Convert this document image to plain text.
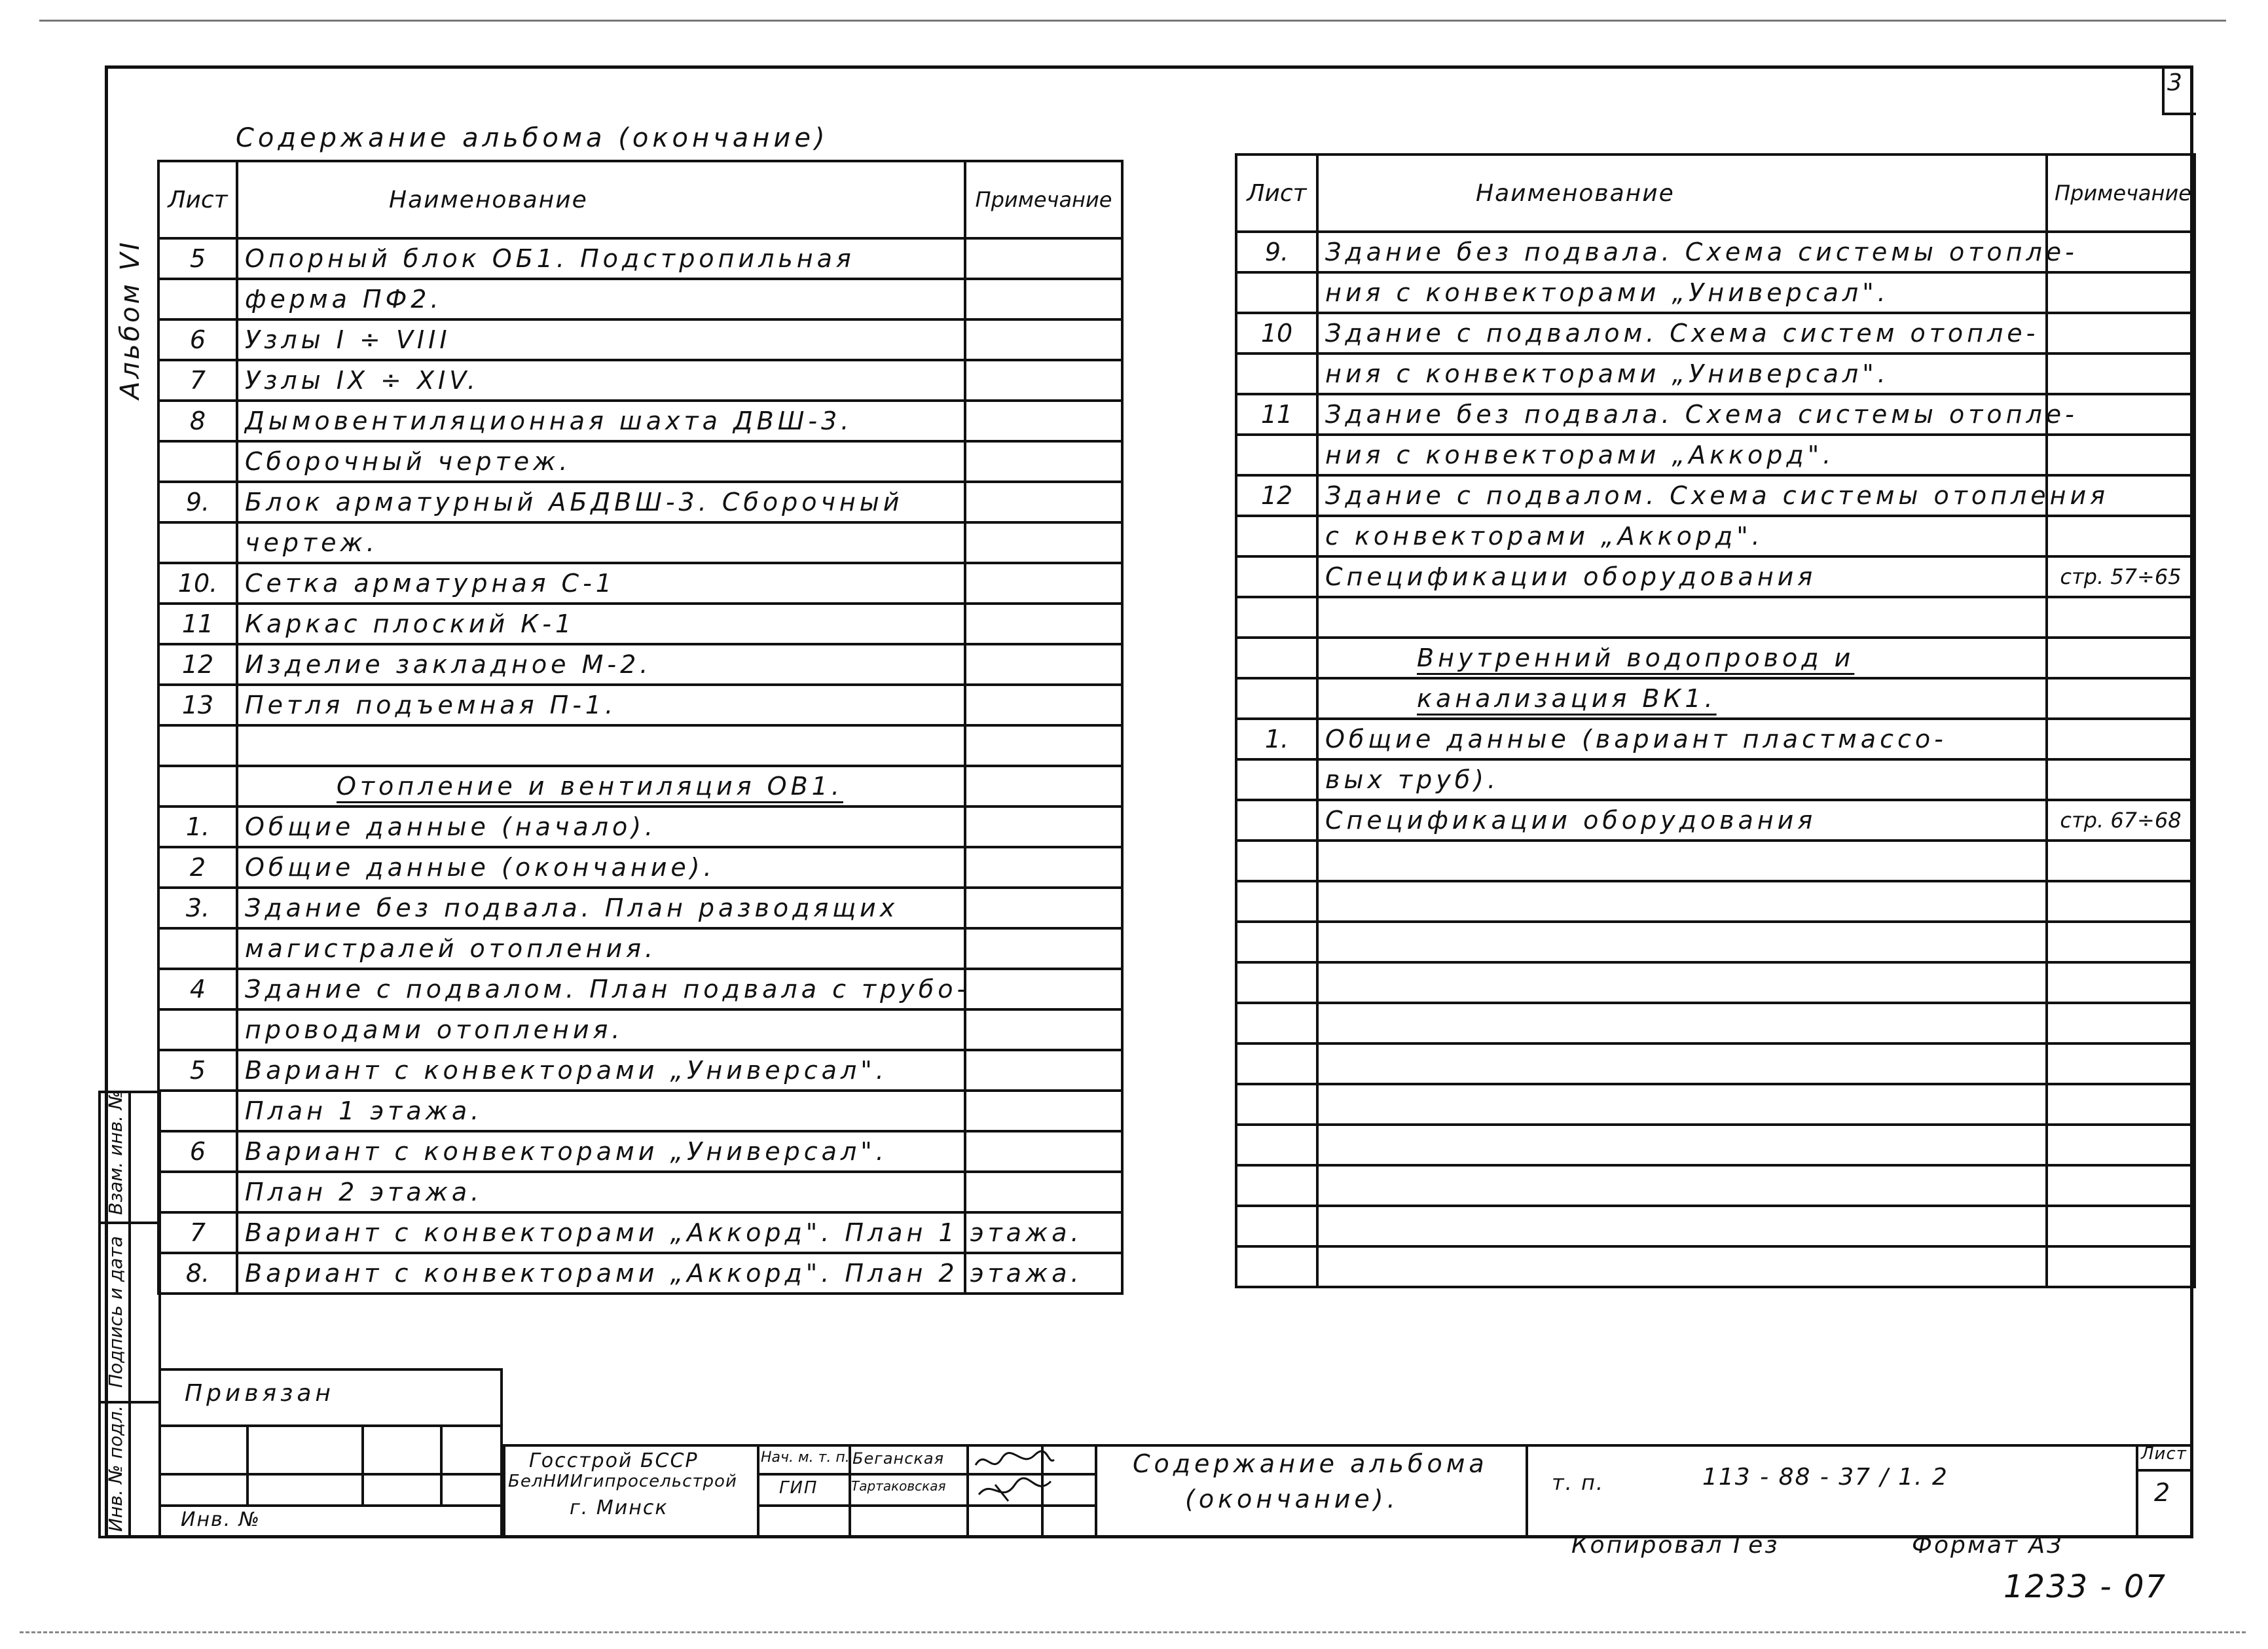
3
Альбом VI
Содержание альбома (окончание)
Лист	Наименование	Примечание
5	Опорный блок ОБ1. Подстропильная	
	ферма ПФ2.	
6	Узлы I ÷ VIII	
7	Узлы IX ÷ XIV.	
8	Дымовентиляционная шахта ДВШ-3.	
	Сборочный чертеж.	
9.	Блок арматурный АБДВШ-3. Сборочный	
	чертеж.	
10.	Сетка арматурная С-1	
11	Каркас плоский К-1	
12	Изделие закладное М-2.	
13	Петля подъемная П-1.	

	Отопление и вентиляция ОВ1.	
1.	Общие данные (начало).	
2	Общие данные (окончание).	
3.	Здание без подвала. План разводящих	
	магистралей отопления.	
4	Здание с подвалом. План подвала с трубо-	
	проводами отопления.	
5	Вариант с конвекторами „Универсал".	
	План 1 этажа.	
6	Вариант с конвекторами „Универсал".	
	План 2 этажа.	
7	Вариант с конвекторами „Аккорд". План 1 этажа.	
8.	Вариант с конвекторами „Аккорд". План 2 этажа.	
Лист	Наименование	Примечание
9.	Здание без подвала. Схема системы отопле-	
	ния с конвекторами „Универсал".	
10	Здание с подвалом. Схема систем отопле-	
	ния с конвекторами „Универсал".	
11	Здание без подвала. Схема системы отопле-	
	ния с конвекторами „Аккорд".	
12	Здание с подвалом. Схема системы отопления	
	с конвекторами „Аккорд".	
	Спецификации оборудования	стр. 57÷65

	Внутренний водопровод и	
	канализация ВК1.	
1.	Общие данные (вариант пластмассо-	
	вых труб).	
	Спецификации оборудования	стр. 67÷68

Взам. инв. №
Подпись и дата
Инв. № подл.
Привязан
Инв. №
Госстрой БССР
БелНИИгипросельстрой
г. Минск
Нач. м. т. п.
ГИП
Беганская
Тартаковская
Содержание альбома
(окончание).
т. п.	113 - 88 - 37 / 1. 2
Лист
2
Копировал Гез	Формат А3
1233 - 07
